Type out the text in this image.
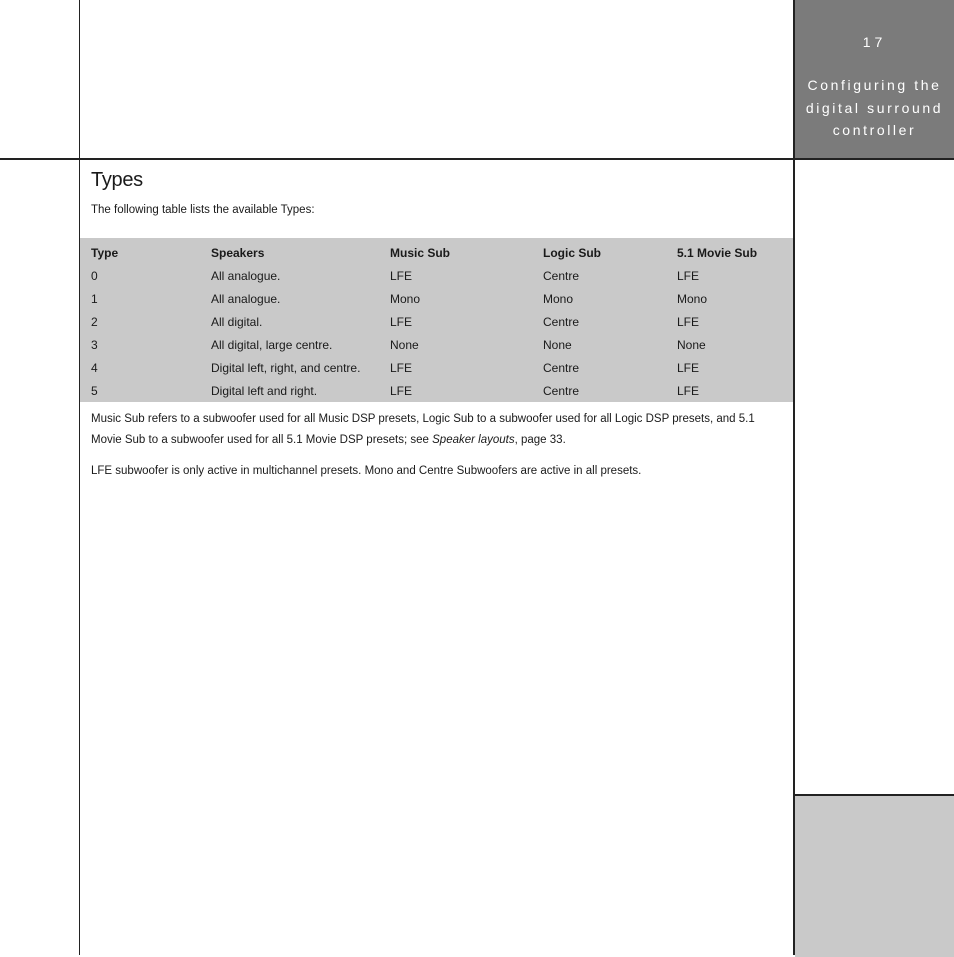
17
Configuring the digital surround controller
Types
The following table lists the available Types:
Type	Speakers	Music Sub	Logic Sub	5.1 Movie Sub
0	All analogue.	LFE	Centre	LFE
1	All analogue.	Mono	Mono	Mono
2	All digital.	LFE	Centre	LFE
3	All digital, large centre.	None	None	None
4	Digital left, right, and centre.	LFE	Centre	LFE
5	Digital left and right.	LFE	Centre	LFE

Music Sub refers to a subwoofer used for all Music DSP presets, Logic Sub to a subwoofer used for all Logic DSP presets, and 5.1 Movie Sub to a subwoofer used for all 5.1 Movie DSP presets; see Speaker layouts, page 33.

LFE subwoofer is only active in multichannel presets. Mono and Centre Subwoofers are active in all presets.
